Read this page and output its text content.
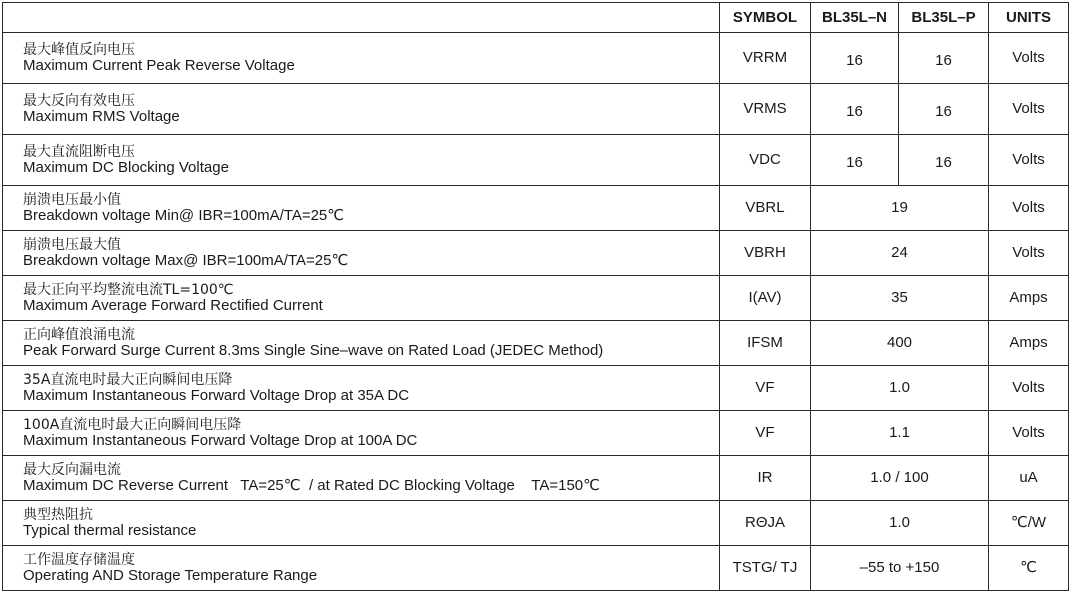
	SYMBOL	BL35L–N	BL35L–P	UNITS

最大峰值反向电压
Maximum Current Peak Reverse Voltage	VRRM	16	16	Volts

最大反向有效电压
Maximum RMS Voltage	VRMS	16	16	Volts

最大直流阻断电压
Maximum DC Blocking Voltage	VDC	16	16	Volts

崩溃电压最小值
Breakdown voltage Min@ IBR=100mA/TA=25℃	VBRL	19		Volts

崩溃电压最大值
Breakdown voltage Max@ IBR=100mA/TA=25℃	VBRH	24		Volts

最大正向平均整流电流TL=100℃
Maximum Average Forward Rectified Current	I(AV)	35		Amps

正向峰值浪涌电流
Peak Forward Surge Current 8.3ms Single Sine–wave on Rated Load (JEDEC Method)	IFSM	400		Amps

35A直流电时最大正向瞬间电压降
Maximum Instantaneous Forward Voltage Drop at 35A DC	VF	1.0		Volts

100A直流电时最大正向瞬间电压降
Maximum Instantaneous Forward Voltage Drop at 100A DC	VF	1.1		Volts

最大反向漏电流
Maximum DC Reverse Current   TA=25℃  / at Rated DC Blocking Voltage    TA=150℃	IR	1.0 / 100		uA

典型热阻抗
Typical thermal resistance	RΘJA	1.0		℃/W

工作温度存储温度
Operating AND Storage Temperature Range	TSTG/ TJ	–55 to +150		℃
